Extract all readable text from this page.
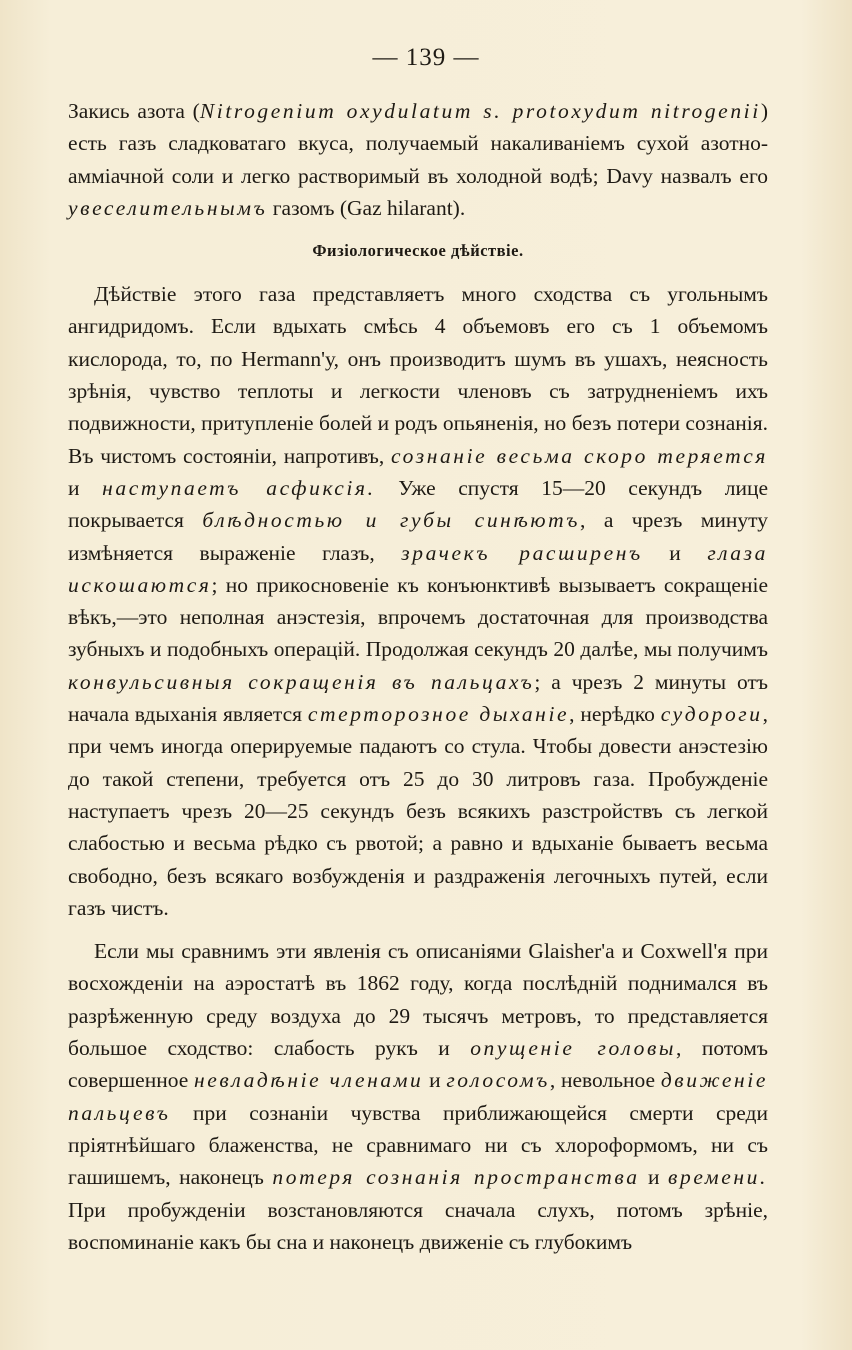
— 139 —

Закись азота (Nitrogenium oxydulatum s. protoxydum nitrogenii) есть газъ сладковатаго вкуса, получаемый накаливаніемъ сухой азотно-амміачной соли и легко растворимый въ холодной водѣ; Davy назвалъ его увеселительнымъ газомъ (Gaz hilarant).

Физіологическое дѣйствіе.

Дѣйствіе этого газа представляетъ много сходства съ угольнымъ ангидридомъ. Если вдыхать смѣсь 4 объемовъ его съ 1 объемомъ кислорода, то, по Hermann'у, онъ производитъ шумъ въ ушахъ, неясность зрѣнія, чувство теплоты и легкости членовъ съ затрудненіемъ ихъ подвижности, притупленіе болей и родъ опьяненія, но безъ потери сознанія. Въ чистомъ состояніи, напротивъ, сознаніе весьма скоро теряется и наступаетъ асфиксія. Уже спустя 15—20 секундъ лице покрывается блѣдностью и губы синѣютъ, а чрезъ минуту измѣняется выраженіе глазъ, зрачекъ расширенъ и глаза искошаются; но прикосновеніе къ конъюнктивѣ вызываетъ сокращеніе вѣкъ,—это неполная анэстезія, впрочемъ достаточная для производства зубныхъ и подобныхъ операцій. Продолжая секундъ 20 далѣе, мы получимъ конвульсивныя сокращенія въ пальцахъ; а чрезъ 2 минуты отъ начала вдыханія является стерторозное дыханіе, нерѣдко судороги, при чемъ иногда оперируемые падаютъ со стула. Чтобы довести анэстезію до такой степени, требуется отъ 25 до 30 литровъ газа. Пробужденіе наступаетъ чрезъ 20—25 секундъ безъ всякихъ разстройствъ съ легкой слабостью и весьма рѣдко съ рвотой; а равно и вдыханіе бываетъ весьма свободно, безъ всякаго возбужденія и раздраженія легочныхъ путей, если газъ чистъ.

Если мы сравнимъ эти явленія съ описаніями Glaisher'а и Coxwell'я при восхожденіи на аэростатѣ въ 1862 году, когда послѣдній поднимался въ разрѣженную среду воздуха до 29 тысячъ метровъ, то представляется большое сходство: слабость рукъ и опущеніе головы, потомъ совершенное невладѣніе членами и голосомъ, невольное движеніе пальцевъ при сознаніи чувства приближающейся смерти среди пріятнѣйшаго блаженства, не сравнимаго ни съ хлороформомъ, ни съ гашишемъ, наконецъ потеря сознанія пространства и времени. При пробужденіи возстановляются сначала слухъ, потомъ зрѣніе, воспоминаніе какъ бы сна и наконецъ движеніе съ глубокимъ
